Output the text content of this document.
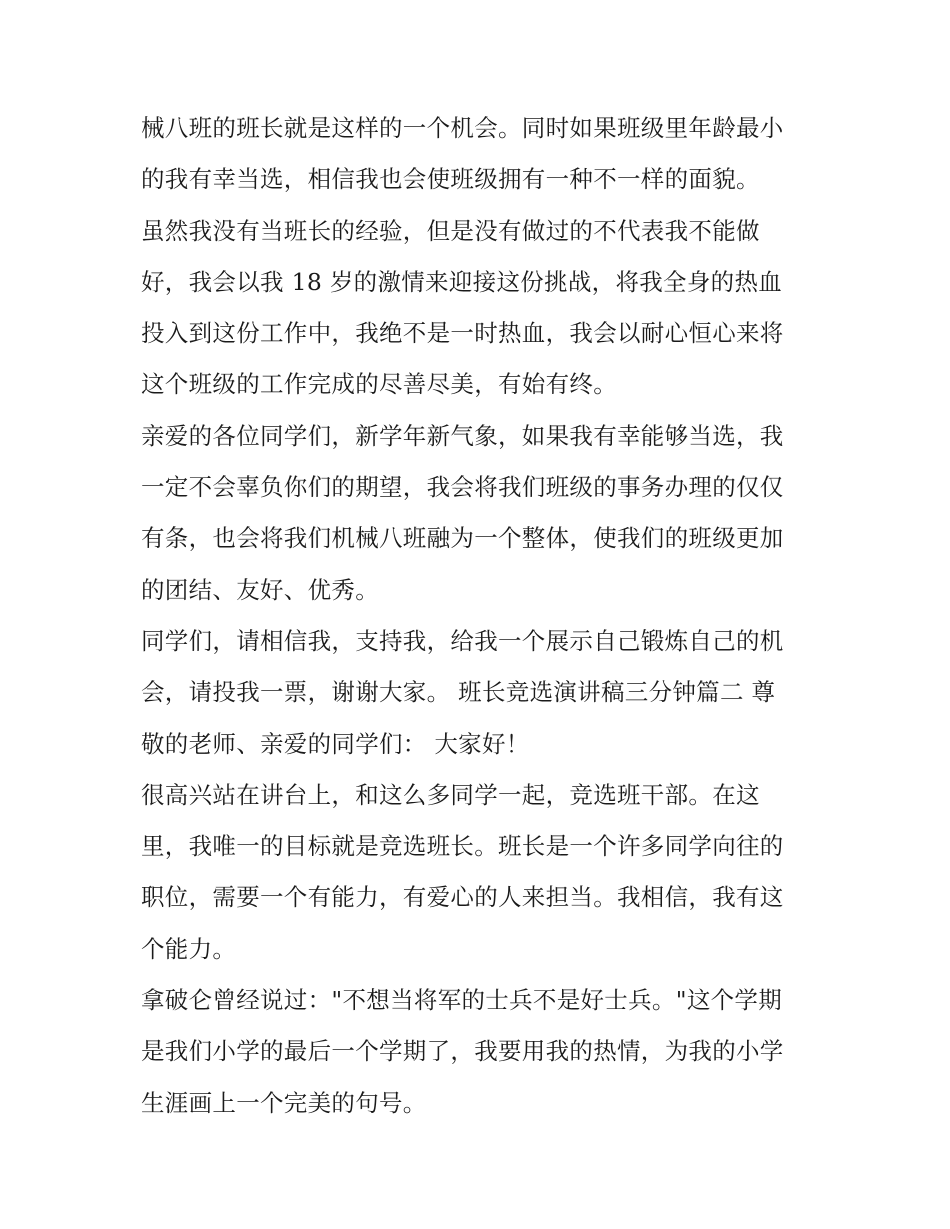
械八班的班长就是这样的一个机会。同时如果班级里年龄最小
的我有幸当选，相信我也会使班级拥有一种不一样的面貌。
虽然我没有当班长的经验，但是没有做过的不代表我不能做
好，我会以我 18 岁的激情来迎接这份挑战，将我全身的热血
投入到这份工作中，我绝不是一时热血，我会以耐心恒心来将
这个班级的工作完成的尽善尽美，有始有终。
亲爱的各位同学们，新学年新气象，如果我有幸能够当选，我
一定不会辜负你们的期望，我会将我们班级的事务办理的仅仅
有条，也会将我们机械八班融为一个整体，使我们的班级更加
的团结、友好、优秀。
同学们，请相信我，支持我，给我一个展示自己锻炼自己的机
会，请投我一票，谢谢大家。 班长竞选演讲稿三分钟篇二 尊
敬的老师、亲爱的同学们： 大家好！
很高兴站在讲台上，和这么多同学一起，竞选班干部。在这
里，我唯一的目标就是竞选班长。班长是一个许多同学向往的
职位，需要一个有能力，有爱心的人来担当。我相信，我有这
个能力。
拿破仑曾经说过："不想当将军的士兵不是好士兵。"这个学期
是我们小学的最后一个学期了，我要用我的热情，为我的小学
生涯画上一个完美的句号。
